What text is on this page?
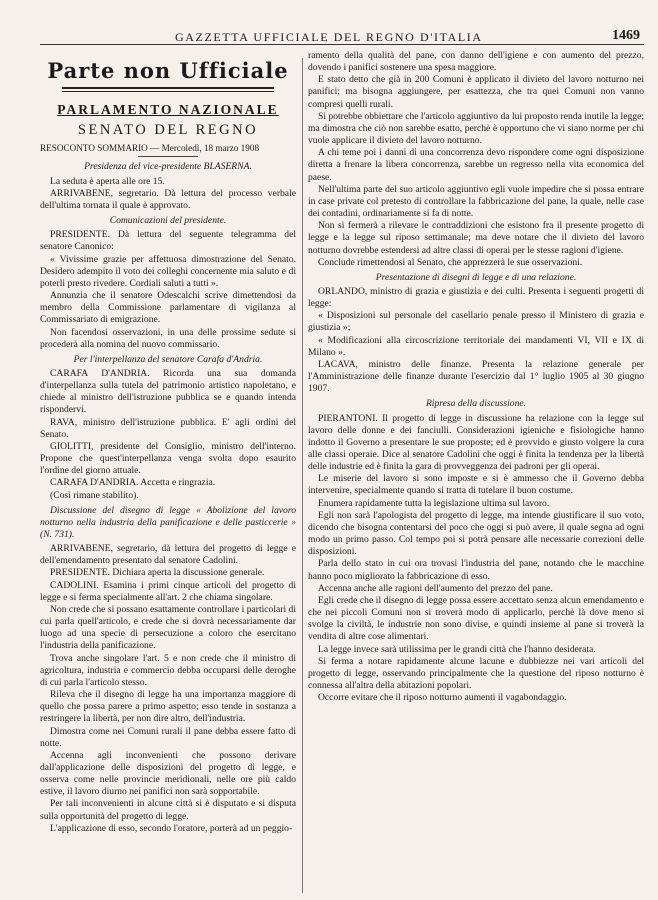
GAZZETTA UFFICIALE DEL REGNO D'ITALIA	1469
Parte non Ufficiale
PARLAMENTO NAZIONALE
SENATO DEL REGNO

RESOCONTO SOMMARIO — Mercoledì, 18 marzo 1908

Presidenza del vice-presidente BLASERNA.

La seduta è aperta alle ore 15.

ARRIVABENE, segretario. Dà lettura del processo verbale dell'ultima tornata il quale è approvato.

Comunicazioni del presidente.

PRESIDENTE. Dà lettura del seguente telegramma del senatore Canonico:

« Vivissime grazie per affettuosa dimostrazione del Senato. Desidero adempito il voto dei colleghi concernente mia saluto e di poterli presto rivedere. Cordiali saluti a tutti ».

Annunzia che il senatore Odescalchi scrive dimettendosi da membro della Commissione parlamentare di vigilanza al Commissariato di emigrazione.

Non facendosi osservazioni, in una delle prossime sedute si procederà alla nomina del nuovo commissario.

Per l'interpellanza del senatore Carafa d'Andria.

CARAFA D'ANDRIA. Ricorda una sua domanda d'interpellanza sulla tutela del patrimonio artistico napoletano, e chiede al ministro dell'istruzione pubblica se e quando intenda risponderví.

RAVA, ministro dell'istruzione pubblica. E' agli ordini del Senato.

GIOLITTI, presidente del Consiglio, ministro dell'interno. Propone che quest'interpellanza venga svolta dopo esaurito l'ordine del giorno attuale.

CARAFA D'ANDRIA. Accetta e ringrazia.

(Così rimane stabilito).

Discussione del disegno di legge « Abolizione del lavoro notturno nella industria della panificazione e delle pasticcerie » (N. 731).

ARRIVABENE, segretario, dà lettura del progetto di legge e dell'emendamento presentato dal senatore Cadolini.

PRESIDENTE. Dichiara aperta la discussione generale.

CADOLINI. Esamina i primi cinque articoli del progetto di legge e si ferma specialmente all'art. 2 che chiama singolare.

Non crede che si possano esattamente controllare i particolari di cui parla quell'articolo, e crede che si dovrà necessariamente dar luogo ad una specie di persecuzione a coloro che esercitano l'industria della panificazione.

Trova anche singolare l'art. 5 e non crede che il ministro di agricoltura, industria e commercio debba occuparsi delle deroghe di cui parla l'articolo stesso.

Rileva che il disegno di legge ha una importanza maggiore di quello che possa parere a primo aspetto; esso tende in sostanza a restringere la libertà, per non dire altro, dell'industria.

Dimostra come nei Comuni rurali il pane debba essere fatto di notte.

Accenna agli inconvenienti che possono derivare dall'applicazione delle disposizioni del progetto di legge, e osserva come nelle provincie meridionali, nelle ore più caldo estive, il lavoro diurno nei panifici non sarà sopportabile.

Per tali inconvenienti in alcune città si è disputato e si disputa sulla opportunità del progetto di legge.

L'applicazione di esso, secondo l'oratore, porterà ad un peggio-

ramento della qualità del pane, con danno dell'igiene e con aumento del prezzo, dovendo i panifici sostenere una spesa maggiore.

E stato detto che già in 200 Comuni è applicato il divieto del lavoro notturno nei panifici; ma bisogna aggiungere, per esattezza, che tra quei Comuni non vanno compresi quelli rurali.

Si potrebbe obbiettare che l'articolo aggiuntivo da lui proposto renda inutile la legge; ma dimostra che ciò non sarebbe esatto, perchè è opportuno che vi siano norme per chi vuole applicare il divieto del lavoro notturno.

A chi teme poi i danni di una concorrenza devo rispondere come ogni disposizione diretta a frenare la libera concorrenza, sarebbe un regresso nella vita economica del paese.

Nell'ultima parte del suo articolo aggiuntivo egli vuole impedire che si possa entrare in case private col pretesto di controllare la fabbricazione del pane, la quale, nelle case dei contadini, ordinariamente si fa di notte.

Non si fermerà a rilevare le contraddizioni che esistono fra il presente progetto di legge e la legge sul riposo settimanale; ma deve notare che il divieto del lavoro notturno dovrebbe estendersi ad altre classi di operai per le stesse ragioni d'igiene.

Conclude rimettendosi al Senato, che apprezzerà le sue osservazioni.

Presentazione di disegni di legge e di una relazione.

ORLANDO, ministro di grazia e giustizia e dei culti. Presenta i seguenti progetti di legge:

« Disposizioni sul personale del casellario penale presso il Ministero di grazia e giustizia »;

« Modificazioni alla circoscrizione territoriale dei mandamenti VI, VII e IX di Milano ».

LACAVA, ministro delle finanze. Presenta la relazione generale per l'Amministrazione delle finanze durante l'esercizio dal 1° luglio 1905 al 30 giugno 1907.

Ripresa della discussione.

PIERANTONI. Il progetto di legge in discussione ha relazione con la legge sul lavoro delle donne e dei fanciulli. Considerazioni igieniche e fisiologiche hanno indotto il Governo a presentare le sue proposte; ed è provvido e giusto volgere la cura alle classi operaie. Dice al senatore Cadolini che oggi è finita la tendenza per la libertà delle industrie ed è finita la gara di provveggenza dei padroni per gli operai.

Le miserie del lavoro si sono imposte e si è ammesso che il Governo debba intervenire, specialmente quando si tratta di tutelare il buon costume.

Enumera rapidamente tutta la legislazione ultima sul lavoro.

Egli non sarà l'apologista del progetto di legge, ma intende giustificare il suo voto, dicendo che bisogna contentarsi del poco che oggi si può avere, il quale segna ad ogni modo un primo passo. Col tempo poi si potrà pensare alle necessarie correzioni delle disposizioni.

Parla dello stato in cui ora trovasi l'industria del pane, notando che le macchine hanno poco migliorato la fabbricazione di esso.

Accenna anche alle ragioni dell'aumento del prezzo del pane.

Egli crede che il disegno di legge possa essere accettato senza alcun emendamento e che nei piccoli Comuni non si troverà modo di applicarlo, perchè là dove meno si svolge la civiltà, le industrie non sono divise, e quindi insieme al pane si troverà la vendita di altre cose alimentari.

La legge invece sarà utilissima per le grandi città che l'hanno desiderata.

Si ferma a notare rapidamente alcune lacune e dubbiezze nei vari articoli del progetto di legge, osservando principalmente che la questione del riposo notturno è connessa all'altra della abitazioni popolari.

Occorre evitare che il riposo notturno aumenti il vagabondaggio.
